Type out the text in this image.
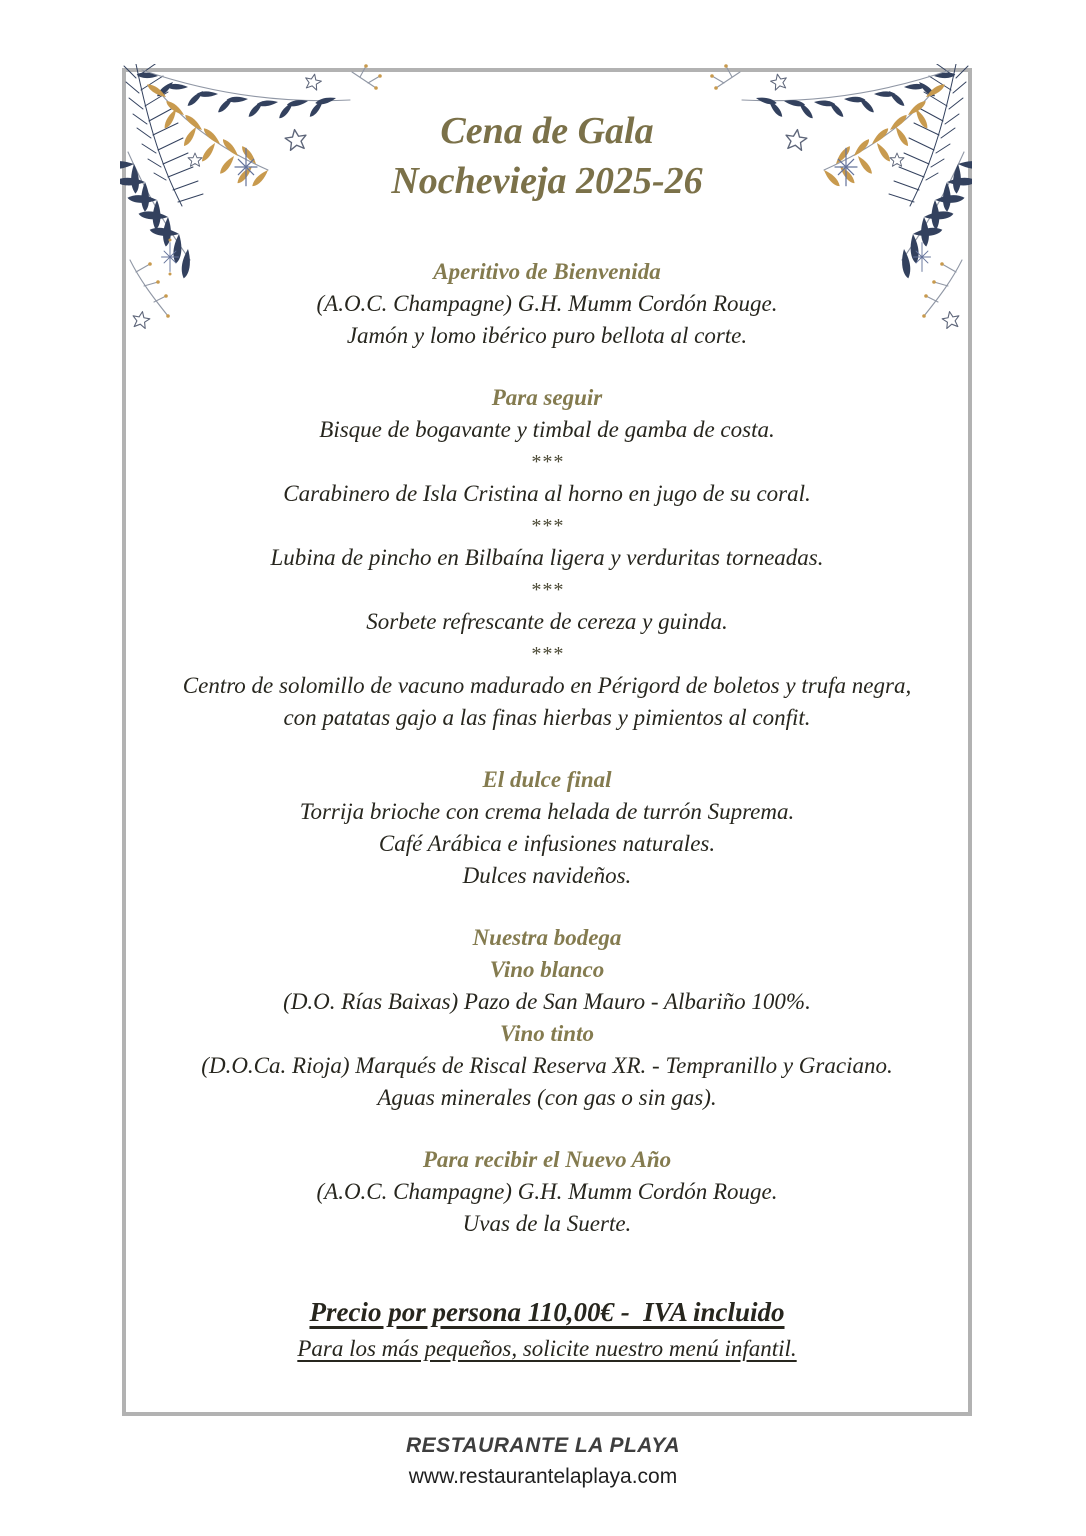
Cena de Gala
Nochevieja 2025-26
Aperitivo de Bienvenida
(A.O.C. Champagne) G.H. Mumm Cordón Rouge.
Jamón y lomo ibérico puro bellota al corte.
Para seguir
Bisque de bogavante y timbal de gamba de costa.
***
Carabinero de Isla Cristina al horno en jugo de su coral.
***
Lubina de pincho en Bilbaína ligera y verduritas torneadas.
***
Sorbete refrescante de cereza y guinda.
***
Centro de solomillo de vacuno madurado en Périgord de boletos y trufa negra,
con patatas gajo a las finas hierbas y pimientos al confit.
El dulce final
Torrija brioche con crema helada de turrón Suprema.
Café Arábica e infusiones naturales.
Dulces navideños.
Nuestra bodega
Vino blanco
(D.O. Rías Baixas) Pazo de San Mauro - Albariño 100%.
Vino tinto
(D.O.Ca. Rioja) Marqués de Riscal Reserva XR. - Tempranillo y Graciano.
Aguas minerales (con gas o sin gas).
Para recibir el Nuevo Año
(A.O.C. Champagne) G.H. Mumm Cordón Rouge.
Uvas de la Suerte.
Precio por persona 110,00€ -  IVA incluido
Para los más pequeños, solicite nuestro menú infantil.
RESTAURANTE LA PLAYA
www.restaurantelaplaya.com
